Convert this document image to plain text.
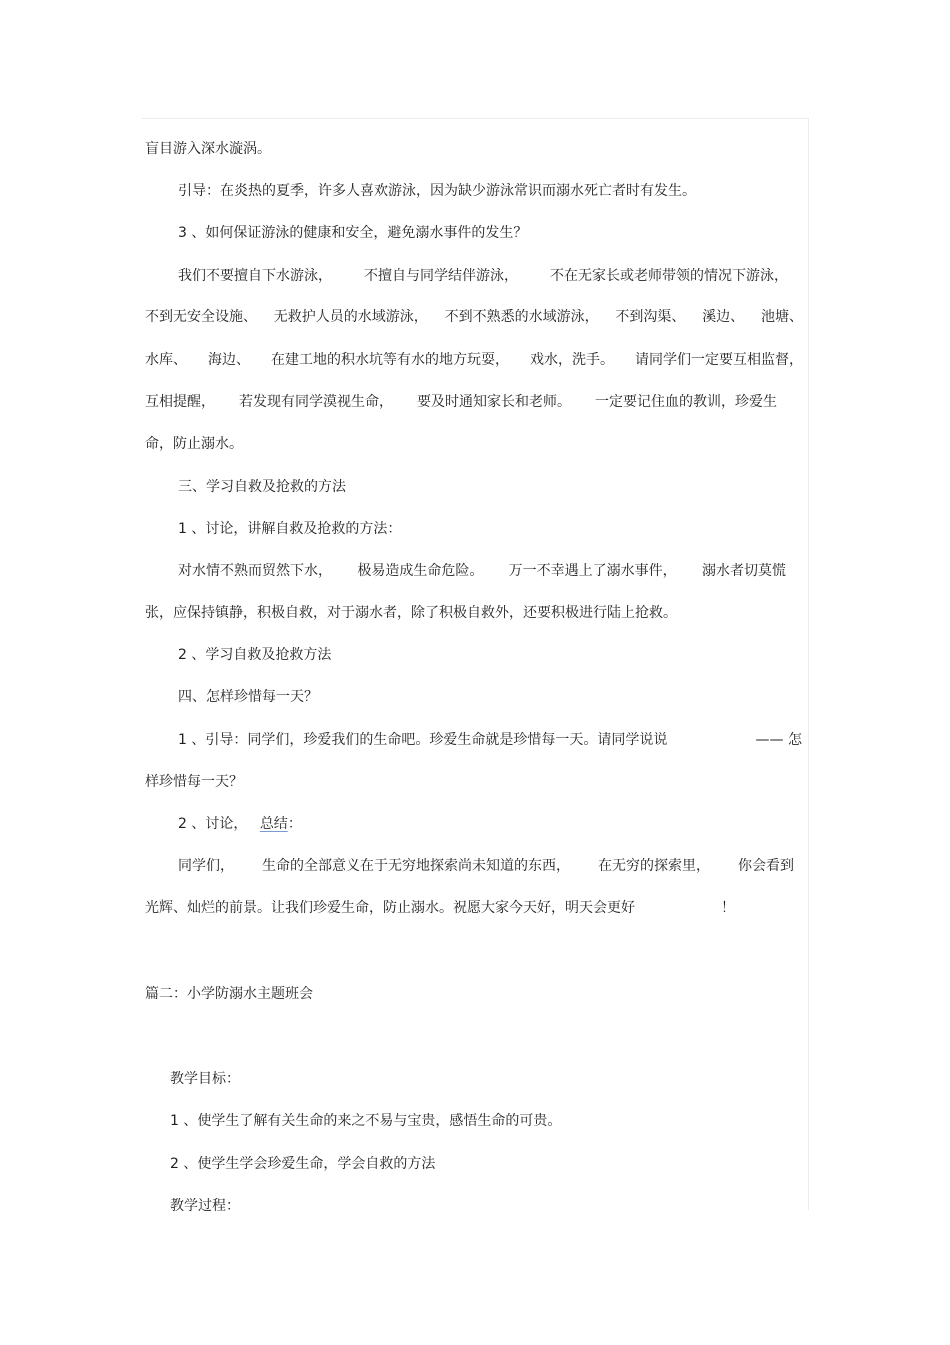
盲目游入深水漩涡。
引导：在炎热的夏季，许多人喜欢游泳，因为缺少游泳常识而溺水死亡者时有发生。
3 、如何保证游泳的健康和安全，避免溺水事件的发生？
我们不要擅自下水游泳， 不擅自与同学结伴游泳， 不在无家长或老师带领的情况下游泳，
不到无安全设施、 无救护人员的水域游泳， 不到不熟悉的水域游泳， 不到沟渠、 溪边、 池塘、
水库、 海边、 在建工地的积水坑等有水的地方玩耍， 戏水，洗手。 请同学们一定要互相监督，
互相提醒， 若发现有同学漠视生命， 要及时通知家长和老师。 一定要记住血的教训，珍爱生
命，防止溺水。
三、学习自救及抢救的方法
1 、讨论，讲解自救及抢救的方法：
对水情不熟而贸然下水， 极易造成生命危险。 万一不幸遇上了溺水事件， 溺水者切莫慌
张，应保持镇静，积极自救，对于溺水者，除了积极自救外，还要积极进行陆上抢救。
2 、学习自救及抢救方法
四、怎样珍惜每一天？
1 、引导：同学们，珍爱我们的生命吧。珍爱生命就是珍惜每一天。请同学说说	—— 怎
样珍惜每一天？
2 、讨论， 总结：
同学们， 生命的全部意义在于无穷地探索尚未知道的东西， 在无穷的探索里， 你会看到
光辉、灿烂的前景。让我们珍爱生命，防止溺水。祝愿大家今天好，明天会更好	！
篇二：小学防溺水主题班会
教学目标：
1 、使学生了解有关生命的来之不易与宝贵，感悟生命的可贵。
2 、使学生学会珍爱生命，学会自救的方法
教学过程：
